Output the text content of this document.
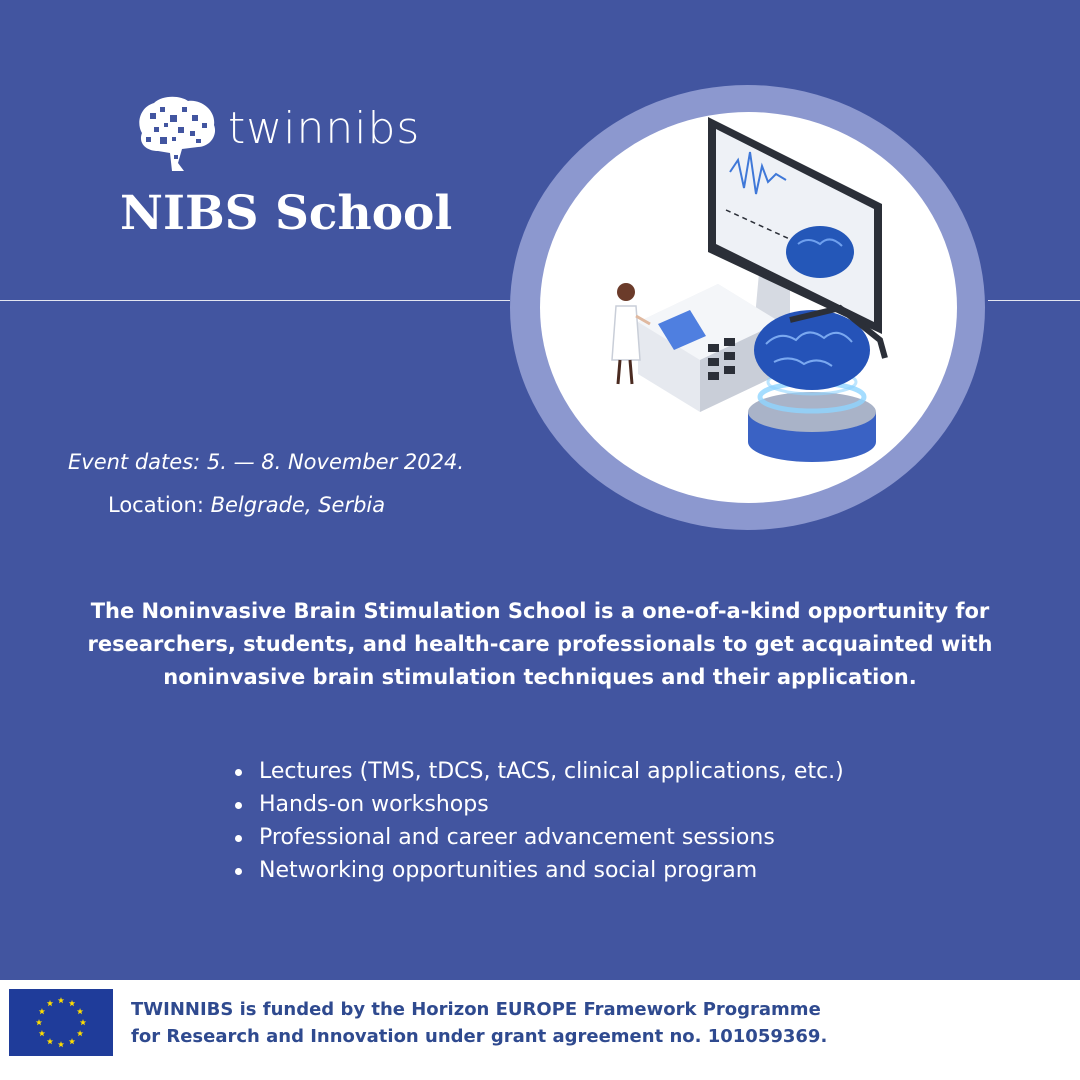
twinnibs
NIBS School
Event dates: 5. — 8. November 2024.
Location: Belgrade, Serbia
The Noninvasive Brain Stimulation School is a one-of-a-kind opportunity for researchers, students, and health-care professionals to get acquainted with noninvasive brain stimulation techniques and their application.
Lectures (TMS, tDCS, tACS, clinical applications, etc.)
Hands-on workshops
Professional and career advancement sessions
Networking opportunities and social program
TWINNIBS is funded by the Horizon EUROPE Framework Programme
for Research and Innovation under grant agreement no. 101059369.
